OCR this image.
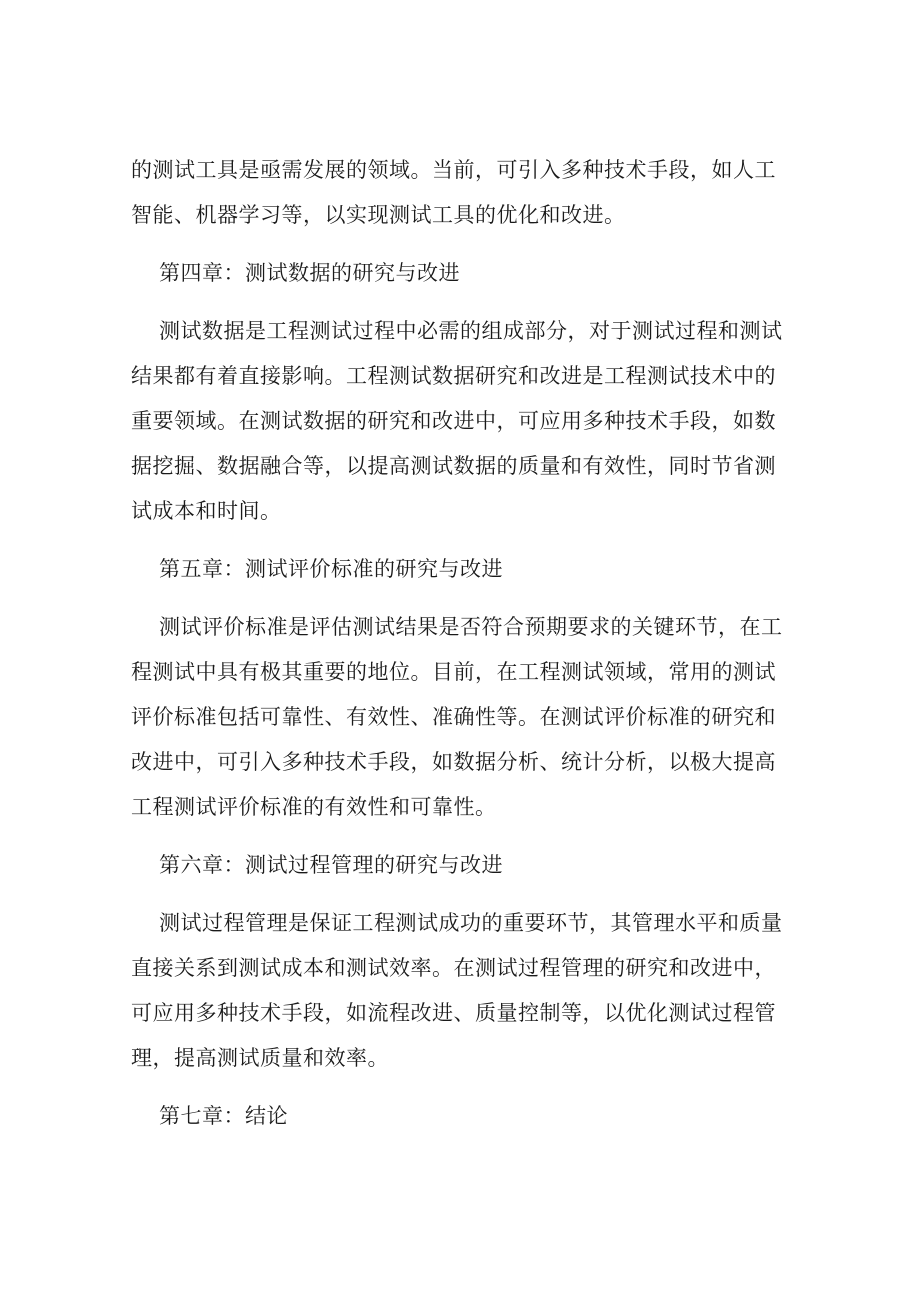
的测试工具是亟需发展的领域。当前，可引入多种技术手段，如人工

智能、机器学习等，以实现测试工具的优化和改进。

第四章：测试数据的研究与改进

测试数据是工程测试过程中必需的组成部分，对于测试过程和测试

结果都有着直接影响。工程测试数据研究和改进是工程测试技术中的

重要领域。在测试数据的研究和改进中，可应用多种技术手段，如数

据挖掘、数据融合等，以提高测试数据的质量和有效性，同时节省测

试成本和时间。

第五章：测试评价标准的研究与改进

测试评价标准是评估测试结果是否符合预期要求的关键环节，在工

程测试中具有极其重要的地位。目前，在工程测试领域，常用的测试

评价标准包括可靠性、有效性、准确性等。在测试评价标准的研究和

改进中，可引入多种技术手段，如数据分析、统计分析，以极大提高

工程测试评价标准的有效性和可靠性。

第六章：测试过程管理的研究与改进

测试过程管理是保证工程测试成功的重要环节，其管理水平和质量

直接关系到测试成本和测试效率。在测试过程管理的研究和改进中，

可应用多种技术手段，如流程改进、质量控制等，以优化测试过程管

理，提高测试质量和效率。

第七章：结论
